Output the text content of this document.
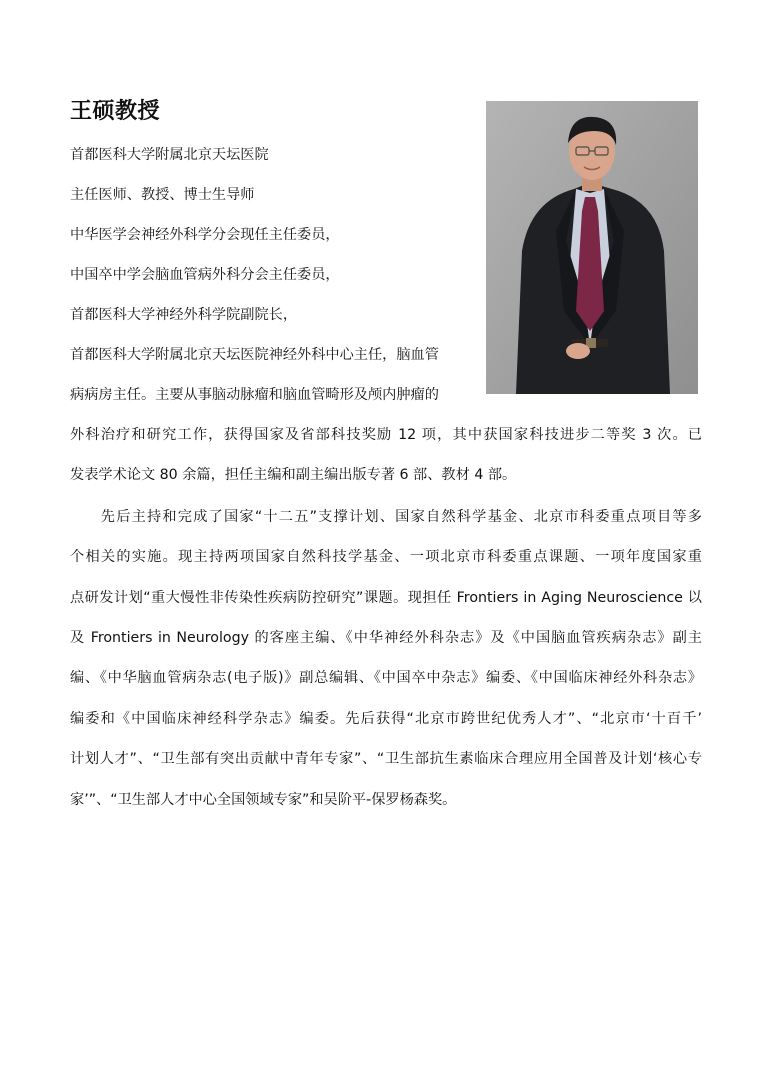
王硕教授
首都医科大学附属北京天坛医院
主任医师、教授、博士生导师
中华医学会神经外科学分会现任主任委员，
中国卒中学会脑血管病外科分会主任委员，
首都医科大学神经外科学院副院长，
首都医科大学附属北京天坛医院神经外科中心主任，脑血管
病病房主任。主要从事脑动脉瘤和脑血管畸形及颅内肿瘤的
外科治疗和研究工作，获得国家及省部科技奖励 12 项，其中获国家科技进步二等奖 3 次。已
发表学术论文 80 余篇，担任主编和副主编出版专著 6 部、教材 4 部。
　　先后主持和完成了国家“十二五”支撑计划、国家自然科学基金、北京市科委重点项目等多
个相关的实施。现主持两项国家自然科技学基金、一项北京市科委重点课题、一项年度国家重
点研发计划“重大慢性非传染性疾病防控研究”课题。现担任 Frontiers in Aging Neuroscience 以
及 Frontiers in Neurology 的客座主编、《中华神经外科杂志》及《中国脑血管疾病杂志》副主
编、《中华脑血管病杂志(电子版)》副总编辑、《中国卒中杂志》编委、《中国临床神经外科杂志》
编委和《中国临床神经科学杂志》编委。先后获得“北京市跨世纪优秀人才”、“北京市‘十百千’
计划人才”、“卫生部有突出贡献中青年专家”、“卫生部抗生素临床合理应用全国普及计划‘核心专
家’”、“卫生部人才中心全国领域专家”和吴阶平-保罗杨森奖。
